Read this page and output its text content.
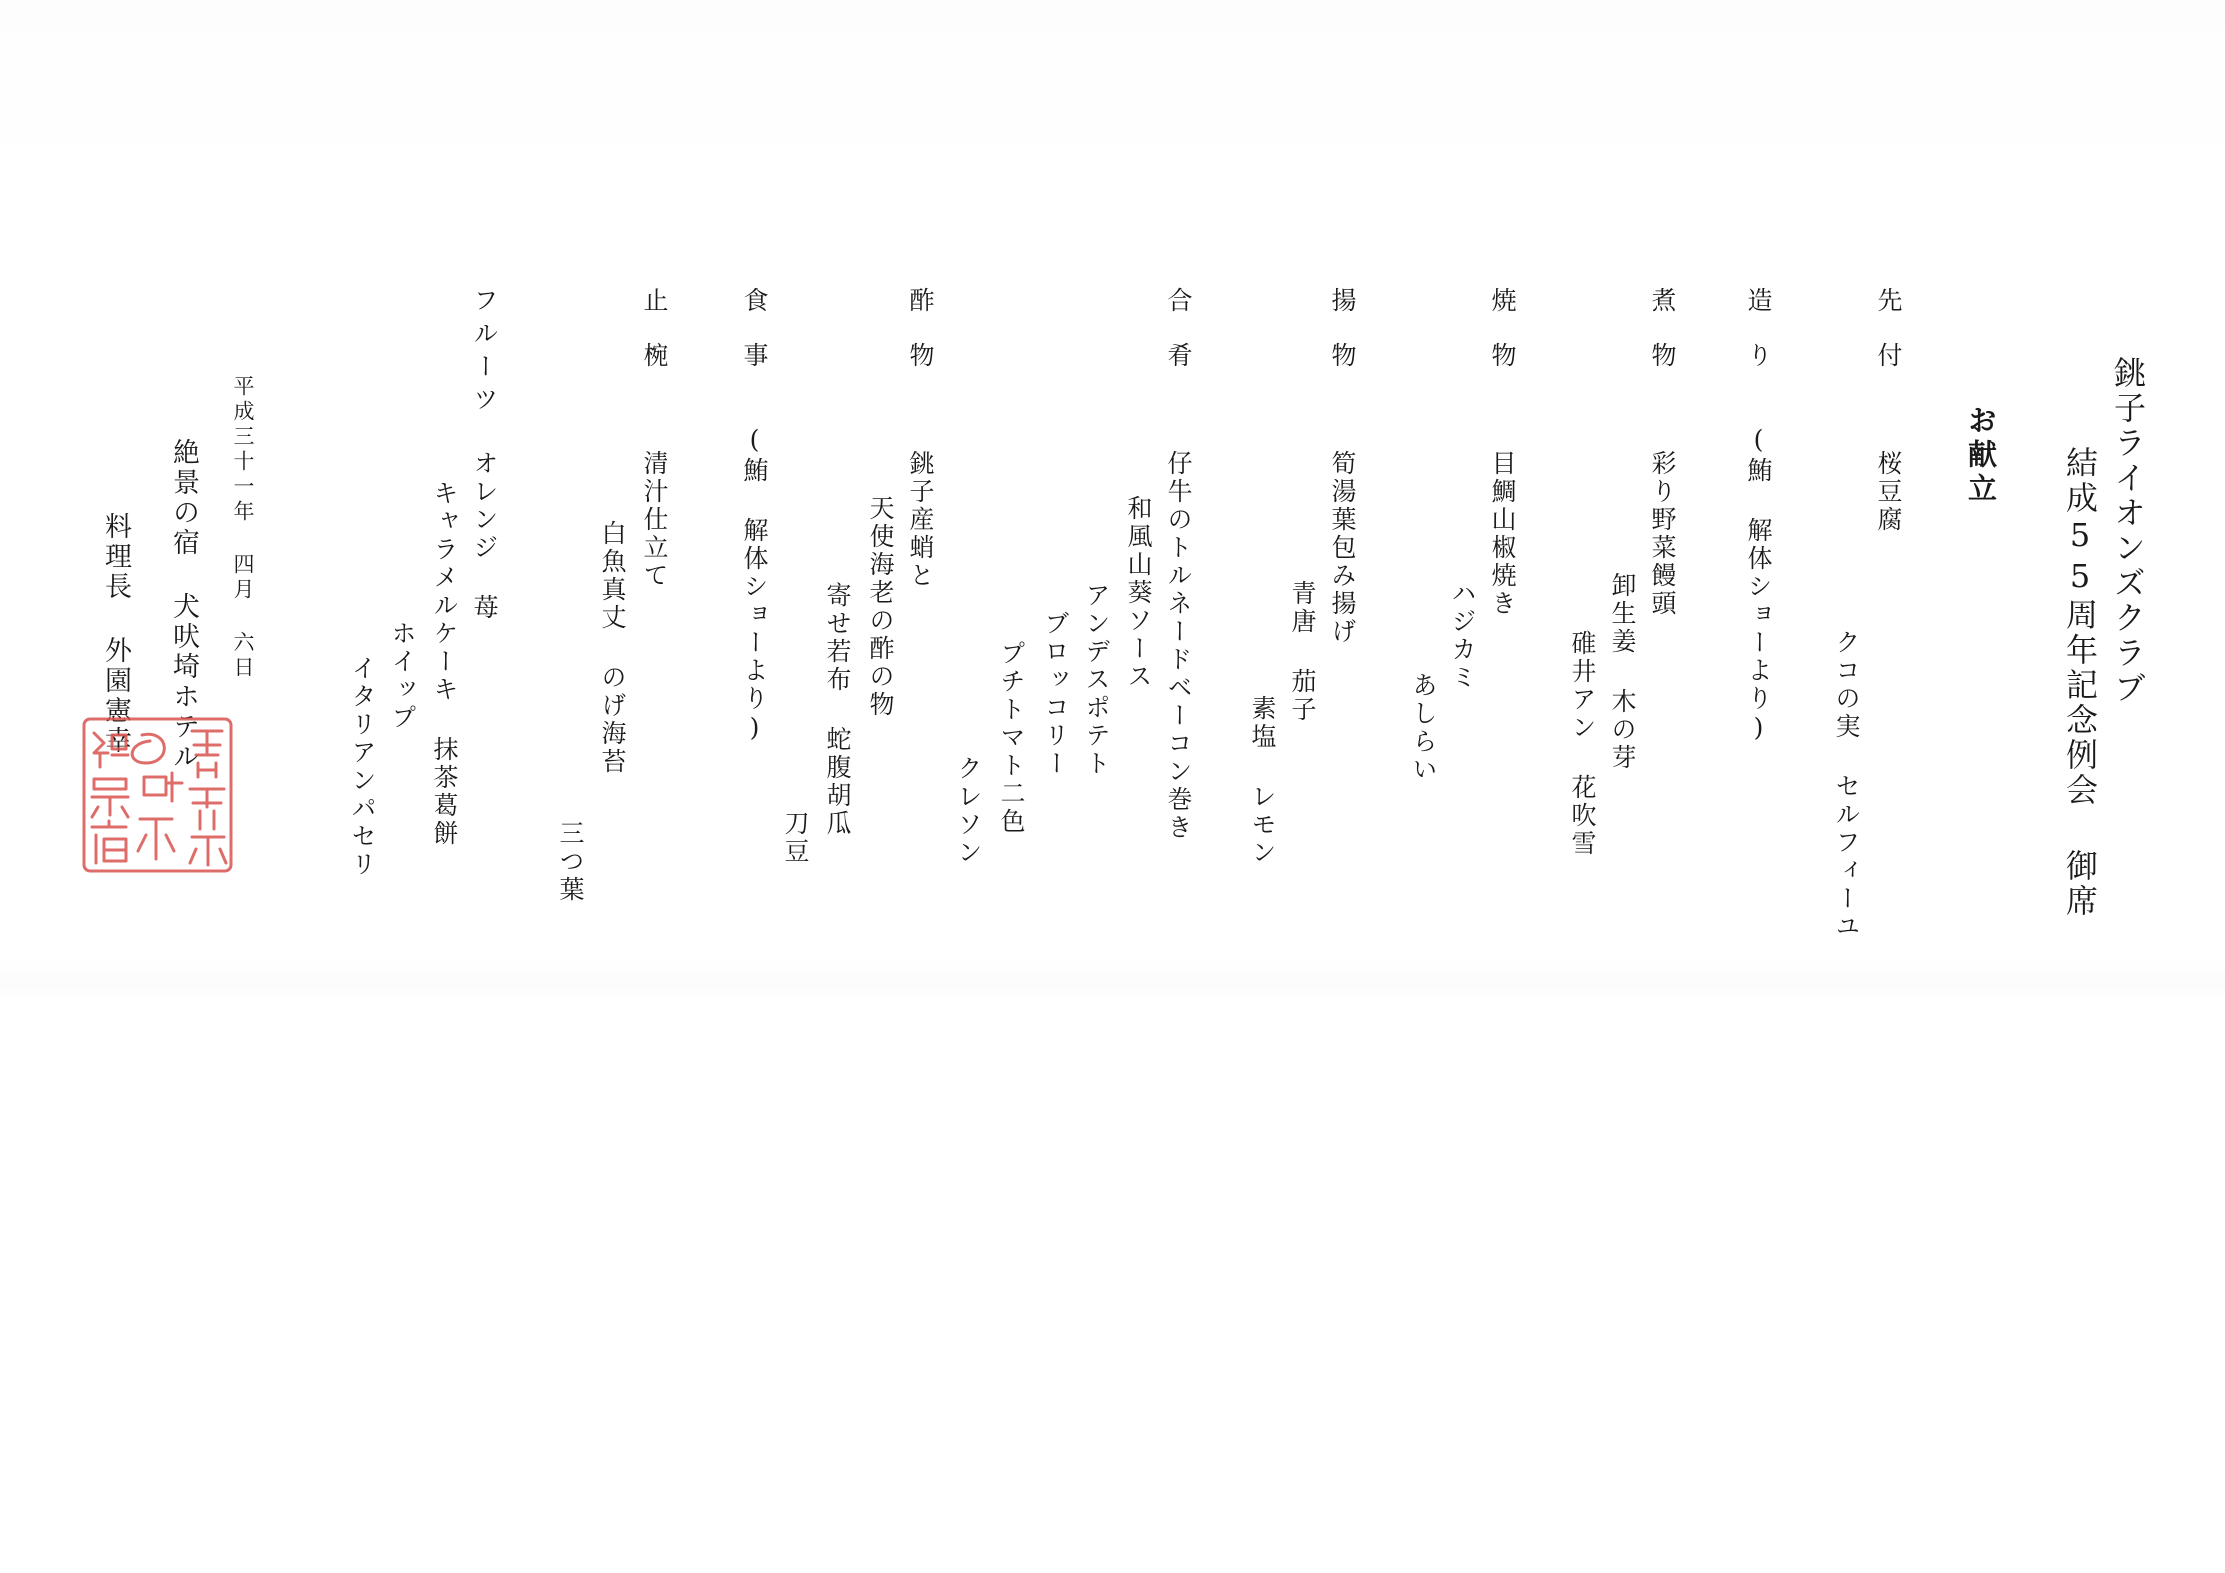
銚子ライオンズクラブ
結成55周年記念例会 御席
お献立
先付
桜豆腐
クコの実 セルフィーユ
造り
(鮪 解体ショーより)
煮物
彩り野菜饅頭
卸生姜 木の芽
碓井アン 花吹雪
焼物
目鯛山椒焼き
ハジカミ
あしらい
揚物
筍湯葉包み揚げ
青唐 茄子
素塩 レモン
合肴
仔牛のトルネードベーコン巻き
和風山葵ソース
アンデスポテト
ブロッコリー
プチトマト二色
クレソン
酢物
銚子産蛸と
天使海老の酢の物
寄せ若布 蛇腹胡瓜
刀豆
食事
(鮪 解体ショーより)
止椀
清汁仕立て
白魚真丈 のげ海苔
三つ葉
フルーツ
オレンジ 苺
キャラメルケーキ 抹茶葛餅
ホイップ
イタリアンパセリ
平成三十一年 四月 六日
絶景の宿 犬吠埼ホテル
料理長 外園憲幸
